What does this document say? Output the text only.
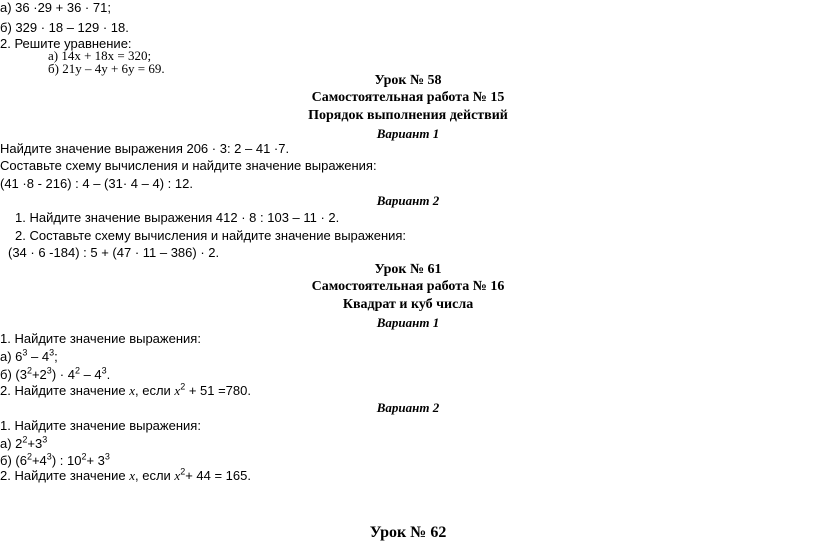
а) 36 ·29 + 36 · 71;
б) 329 · 18 – 129 · 18.
2. Решите уравнение:
а) 14x + 18x = 320;
б) 21y – 4y + 6y = 69.
Урок № 58
Самостоятельная работа № 15
Порядок выполнения действий
Вариант 1
Найдите значение выражения 206 · 3: 2 – 41 ·7.
Составьте схему вычисления и найдите значение выражения:
(41 ·8 - 216) : 4 – (31· 4 – 4) : 12.
Вариант 2
1. Найдите значение выражения 412 · 8 : 103 – 11 · 2.
2. Составьте схему вычисления и найдите значение выражения:
(34 · 6 -184) : 5 + (47 · 11 – 386) · 2.
Урок № 61
Самостоятельная работа № 16
Квадрат и куб числа
Вариант 1
1. Найдите значение выражения:
а) $6^3 - 4^3$;
б) $(3^2+2^3) \cdot 4^2 - 4^3$.
2. Найдите значение x, если $x^2 + 51 =780$.
Вариант 2
1. Найдите значение выражения:
а) $2^2+3^3$
б) $(6^2+4^3)$ : $10^2+ 3^3$
2. Найдите значение x, если $x^2+ 44 = 165$.
Урок № 62
